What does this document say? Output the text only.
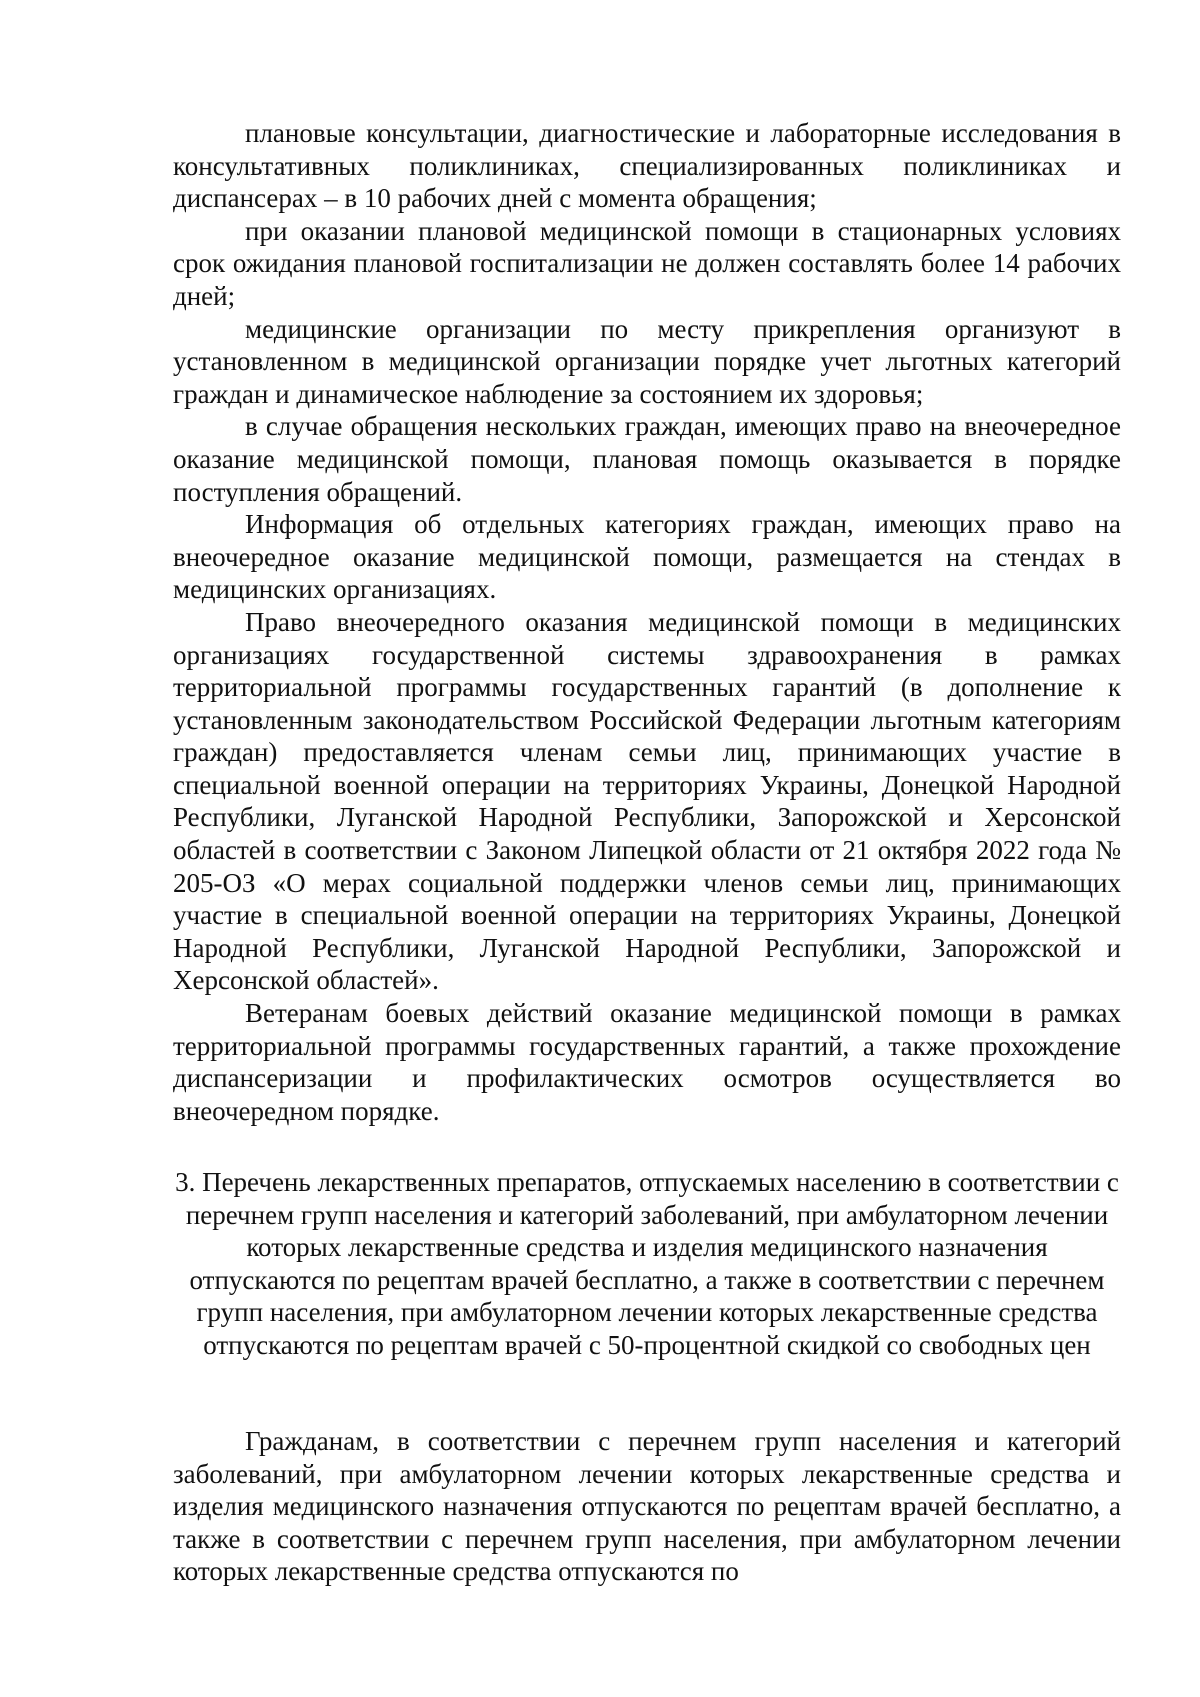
плановые консультации, диагностические и лабораторные исследования в консультативных поликлиниках, специализированных поликлиниках и диспансерах – в 10 рабочих дней с момента обращения;

при оказании плановой медицинской помощи в стационарных условиях срок ожидания плановой госпитализации не должен составлять более 14 рабочих дней;

медицинские организации по месту прикрепления организуют в установленном в медицинской организации порядке учет льготных категорий граждан и динамическое наблюдение за состоянием их здоровья;

в случае обращения нескольких граждан, имеющих право на внеочередное оказание медицинской помощи, плановая помощь оказывается в порядке поступления обращений.

Информация об отдельных категориях граждан, имеющих право на внеочередное оказание медицинской помощи, размещается на стендах в медицинских организациях.

Право внеочередного оказания медицинской помощи в медицинских организациях государственной системы здравоохранения в рамках территориальной программы государственных гарантий (в дополнение к установленным законодательством Российской Федерации льготным категориям граждан) предоставляется членам семьи лиц, принимающих участие в специальной военной операции на территориях Украины, Донецкой Народной Республики, Луганской Народной Республики, Запорожской и Херсонской областей в соответствии с Законом Липецкой области от 21 октября 2022 года № 205-ОЗ «О мерах социальной поддержки членов семьи лиц, принимающих участие в специальной военной операции на территориях Украины, Донецкой Народной Республики, Луганской Народной Республики, Запорожской и Херсонской областей».

Ветеранам боевых действий оказание медицинской помощи в рамках территориальной программы государственных гарантий, а также прохождение диспансеризации и профилактических осмотров осуществляется во внеочередном порядке.

3. Перечень лекарственных препаратов, отпускаемых населению в соответствии с перечнем групп населения и категорий заболеваний, при амбулаторном лечении которых лекарственные средства и изделия медицинского назначения отпускаются по рецептам врачей бесплатно, а также в соответствии с перечнем групп населения, при амбулаторном лечении которых лекарственные средства отпускаются по рецептам врачей с 50-процентной скидкой со свободных цен

Гражданам, в соответствии с перечнем групп населения и категорий заболеваний, при амбулаторном лечении которых лекарственные средства и изделия медицинского назначения отпускаются по рецептам врачей бесплатно, а также в соответствии с перечнем групп населения, при амбулаторном лечении которых лекарственные средства отпускаются по
